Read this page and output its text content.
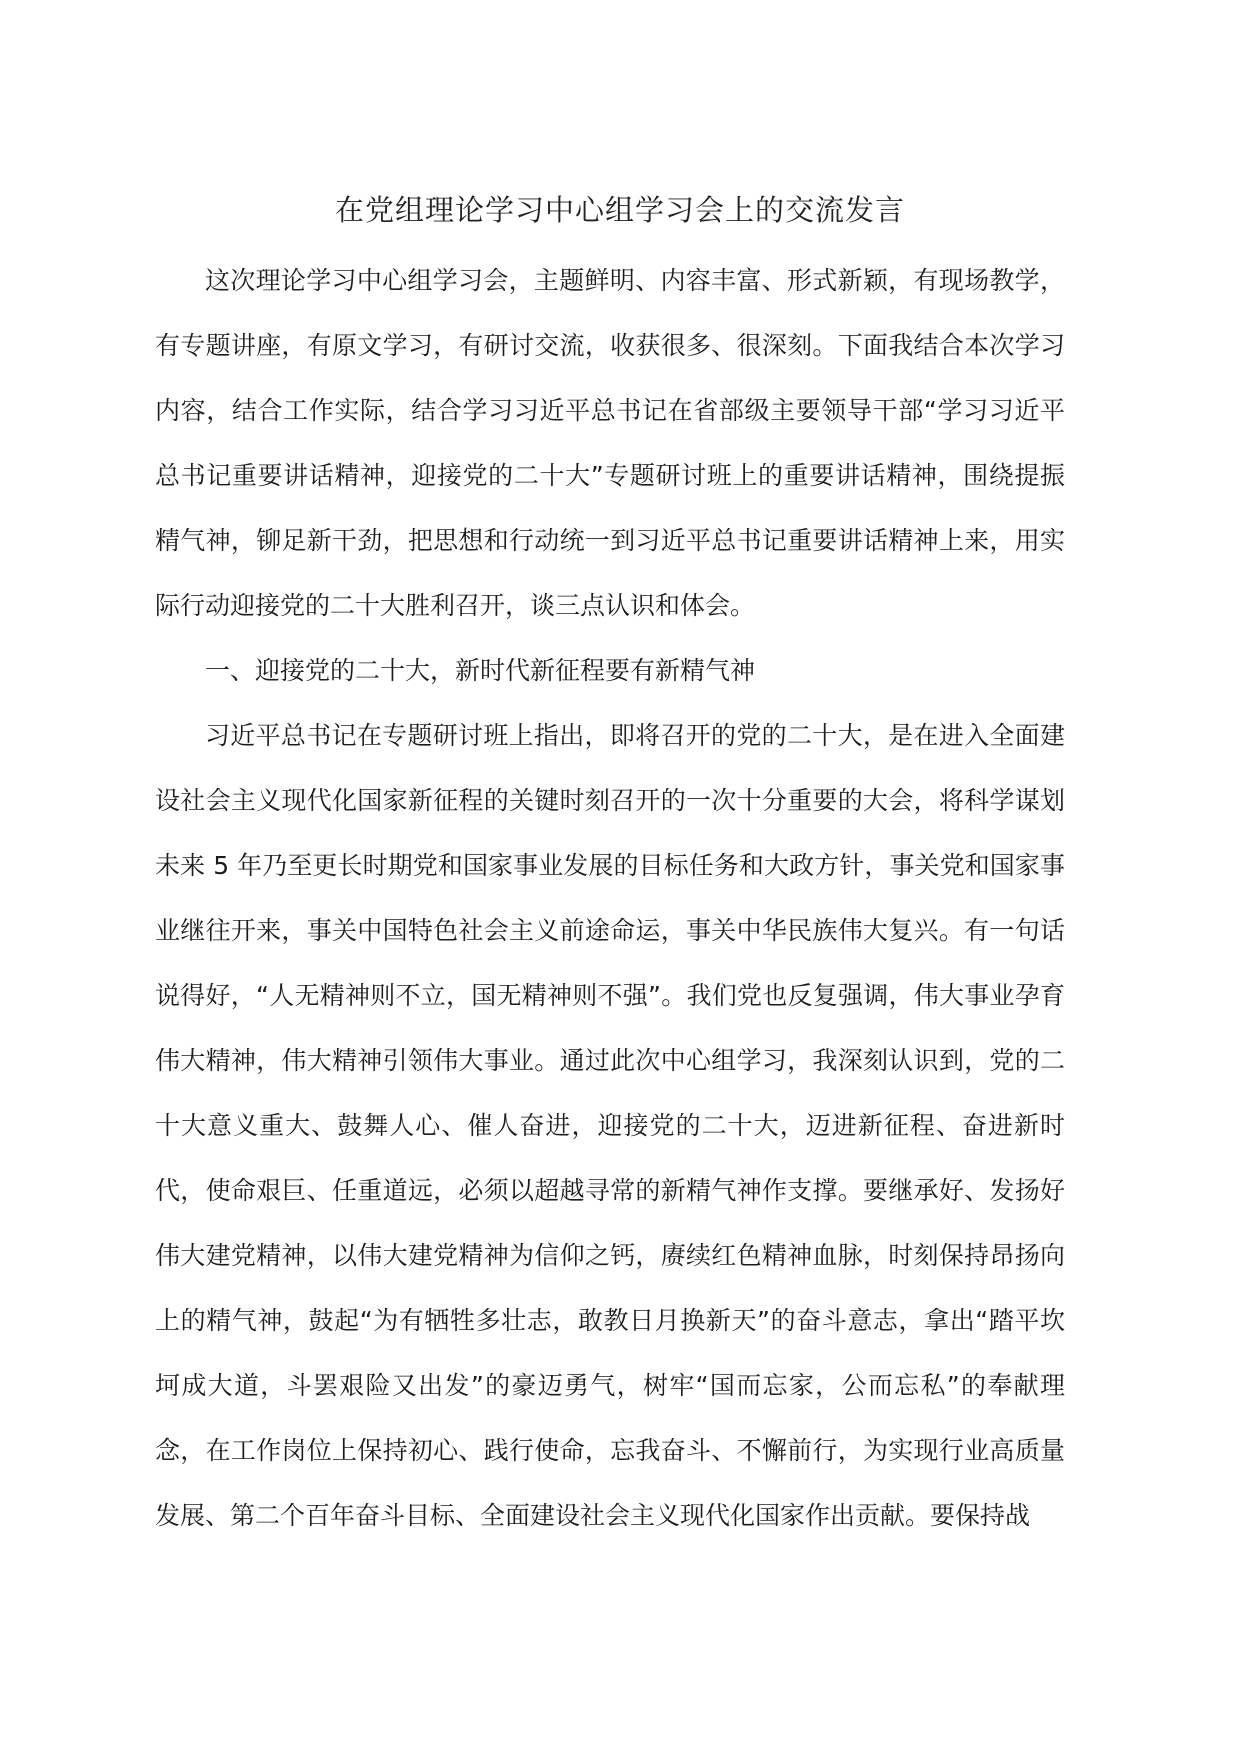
在党组理论学习中心组学习会上的交流发言

这次理论学习中心组学习会，主题鲜明、内容丰富、形式新颖，有现场教学，有专题讲座，有原文学习，有研讨交流，收获很多、很深刻。下面我结合本次学习内容，结合工作实际，结合学习习近平总书记在省部级主要领导干部“学习习近平总书记重要讲话精神，迎接党的二十大”专题研讨班上的重要讲话精神，围绕提振精气神，铆足新干劲，把思想和行动统一到习近平总书记重要讲话精神上来，用实际行动迎接党的二十大胜利召开，谈三点认识和体会。

一、迎接党的二十大，新时代新征程要有新精气神

习近平总书记在专题研讨班上指出，即将召开的党的二十大，是在进入全面建设社会主义现代化国家新征程的关键时刻召开的一次十分重要的大会，将科学谋划未来 5 年乃至更长时期党和国家事业发展的目标任务和大政方针，事关党和国家事业继往开来，事关中国特色社会主义前途命运，事关中华民族伟大复兴。有一句话说得好，“人无精神则不立，国无精神则不强”。我们党也反复强调，伟大事业孕育伟大精神，伟大精神引领伟大事业。通过此次中心组学习，我深刻认识到，党的二十大意义重大、鼓舞人心、催人奋进，迎接党的二十大，迈进新征程、奋进新时代，使命艰巨、任重道远，必须以超越寻常的新精气神作支撑。要继承好、发扬好伟大建党精神，以伟大建党精神为信仰之钙，赓续红色精神血脉，时刻保持昂扬向上的精气神，鼓起“为有牺牲多壮志，敢教日月换新天”的奋斗意志，拿出“踏平坎坷成大道，斗罢艰险又出发”的豪迈勇气，树牢“国而忘家，公而忘私”的奉献理念，在工作岗位上保持初心、践行使命，忘我奋斗、不懈前行，为实现行业高质量发展、第二个百年奋斗目标、全面建设社会主义现代化国家作出贡献。要保持战
